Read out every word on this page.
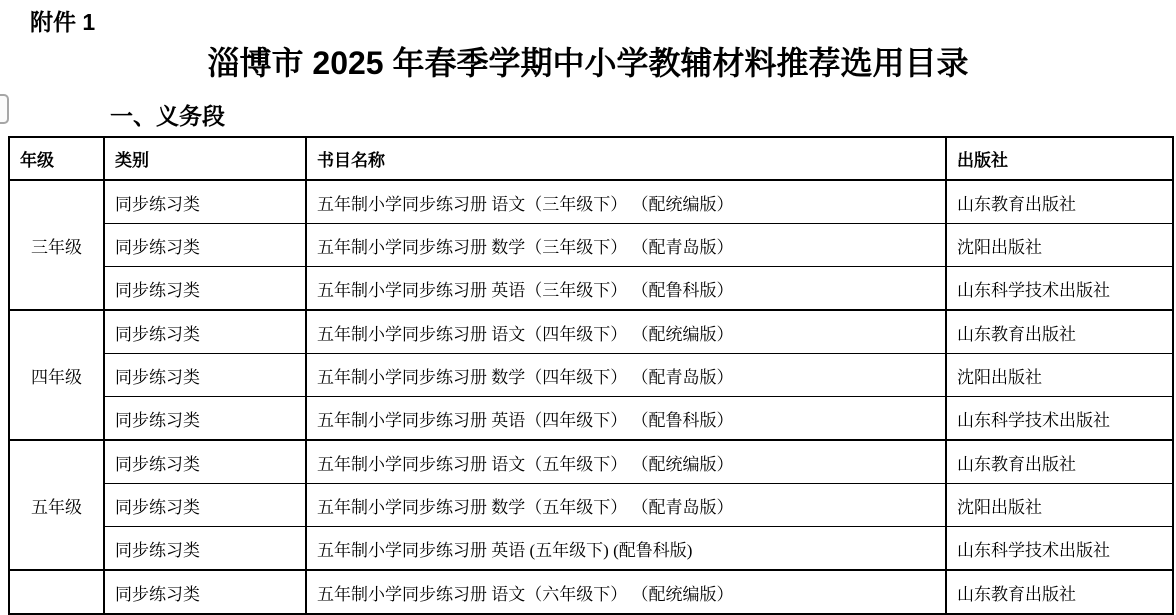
附件 1
淄博市 2025 年春季学期中小学教辅材料推荐选用目录
一、义务段
年级	类别	书目名称	出版社
三年级	同步练习类	五年制小学同步练习册 语文（三年级下） （配统编版）	山东教育出版社
	同步练习类	五年制小学同步练习册 数学（三年级下） （配青岛版）	沈阳出版社
	同步练习类	五年制小学同步练习册 英语（三年级下） （配鲁科版）	山东科学技术出版社
四年级	同步练习类	五年制小学同步练习册 语文（四年级下） （配统编版）	山东教育出版社
	同步练习类	五年制小学同步练习册 数学（四年级下） （配青岛版）	沈阳出版社
	同步练习类	五年制小学同步练习册 英语（四年级下） （配鲁科版）	山东科学技术出版社
五年级	同步练习类	五年制小学同步练习册 语文（五年级下） （配统编版）	山东教育出版社
	同步练习类	五年制小学同步练习册 数学（五年级下） （配青岛版）	沈阳出版社
	同步练习类	五年制小学同步练习册 英语 (五年级下) (配鲁科版)	山东科学技术出版社
	同步练习类	五年制小学同步练习册 语文（六年级下） （配统编版）	山东教育出版社
